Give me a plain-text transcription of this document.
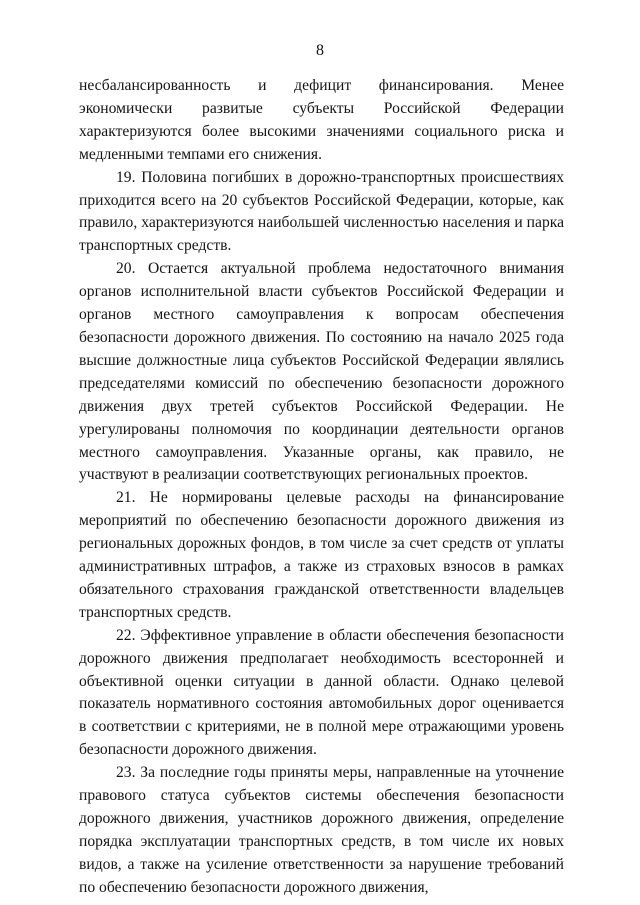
8

несбалансированность и дефицит финансирования. Менее экономически развитые субъекты Российской Федерации характеризуются более высокими значениями социального риска и медленными темпами его снижения.

19. Половина погибших в дорожно-транспортных происшествиях приходится всего на 20 субъектов Российской Федерации, которые, как правило, характеризуются наибольшей численностью населения и парка транспортных средств.

20. Остается актуальной проблема недостаточного внимания органов исполнительной власти субъектов Российской Федерации и органов местного самоуправления к вопросам обеспечения безопасности дорожного движения. По состоянию на начало 2025 года высшие должностные лица субъектов Российской Федерации являлись председателями комиссий по обеспечению безопасности дорожного движения двух третей субъектов Российской Федерации. Не урегулированы полномочия по координации деятельности органов местного самоуправления. Указанные органы, как правило, не участвуют в реализации соответствующих региональных проектов.

21. Не нормированы целевые расходы на финансирование мероприятий по обеспечению безопасности дорожного движения из региональных дорожных фондов, в том числе за счет средств от уплаты административных штрафов, а также из страховых взносов в рамках обязательного страхования гражданской ответственности владельцев транспортных средств.

22. Эффективное управление в области обеспечения безопасности дорожного движения предполагает необходимость всесторонней и объективной оценки ситуации в данной области. Однако целевой показатель нормативного состояния автомобильных дорог оценивается в соответствии с критериями, не в полной мере отражающими уровень безопасности дорожного движения.

23. За последние годы приняты меры, направленные на уточнение правового статуса субъектов системы обеспечения безопасности дорожного движения, участников дорожного движения, определение порядка эксплуатации транспортных средств, в том числе их новых видов, а также на усиление ответственности за нарушение требований по обеспечению безопасности дорожного движения,
